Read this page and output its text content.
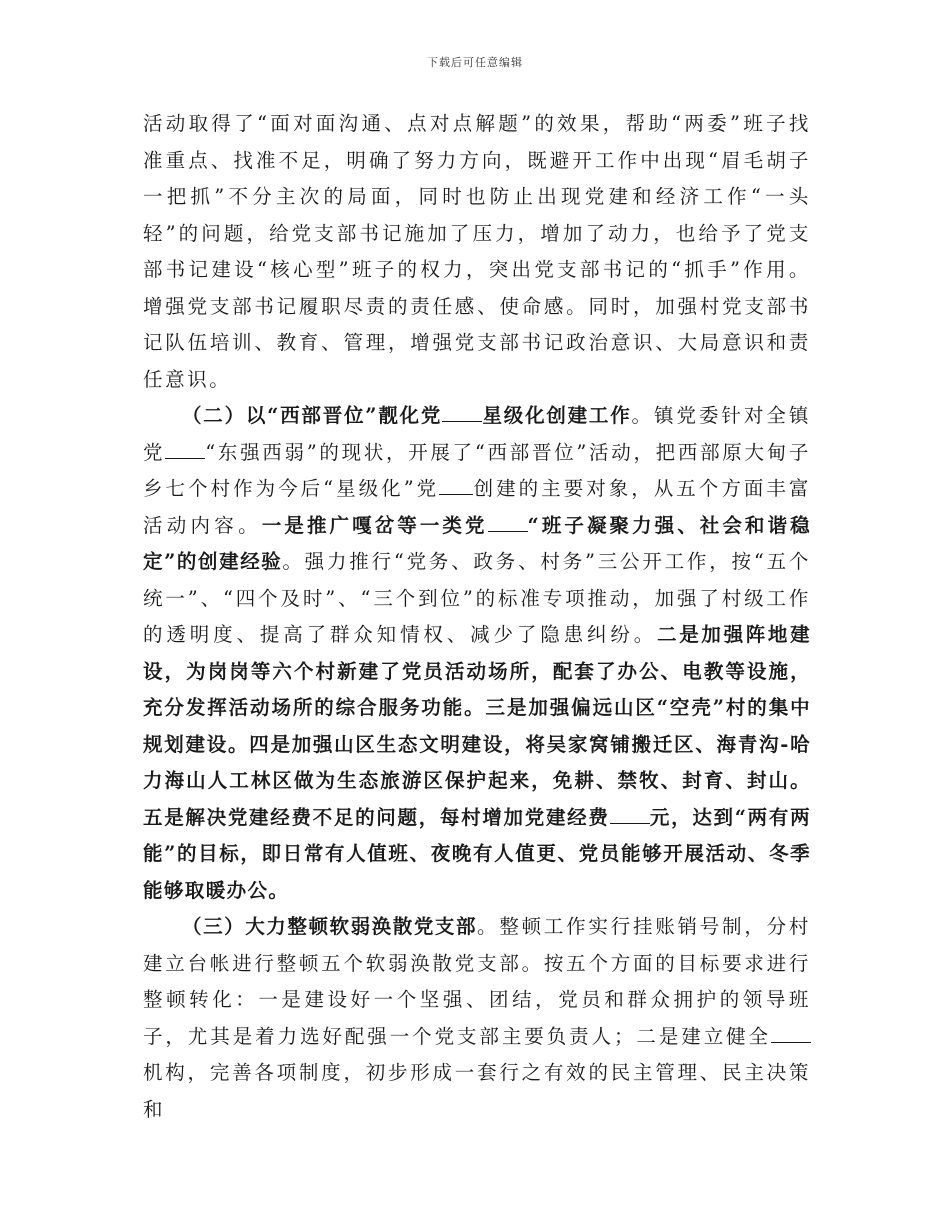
下载后可任意编辑

活动取得了“面对面沟通、点对点解题”的效果，帮助“两委”班子找准重点、找准不足，明确了努力方向，既避开工作中出现“眉毛胡子一把抓”不分主次的局面，同时也防止出现党建和经济工作“一头轻”的问题，给党支部书记施加了压力，增加了动力，也给予了党支部书记建设“核心型”班子的权力，突出党支部书记的“抓手”作用。增强党支部书记履职尽责的责任感、使命感。同时，加强村党支部书记队伍培训、教育、管理，增强党支部书记政治意识、大局意识和责任意识。

（二）以“西部晋位”靓化党 星级化创建工作。镇党委针对全镇党 “东强西弱”的现状，开展了“西部晋位”活动，把西部原大甸子乡七个村作为今后“星级化”党 创建的主要对象，从五个方面丰富活动内容。一是推广嘎岔等一类党 “班子凝聚力强、社会和谐稳定”的创建经验。强力推行“党务、政务、村务”三公开工作，按“五个统一”、“四个及时”、“三个到位”的标准专项推动，加强了村级工作的透明度、提高了群众知情权、减少了隐患纠纷。二是加强阵地建设，为岗岗等六个村新建了党员活动场所，配套了办公、电教等设施，充分发挥活动场所的综合服务功能。三是加强偏远山区“空壳”村的集中规划建设。四是加强山区生态文明建设，将吴家窝铺搬迁区、海青沟-哈力海山人工林区做为生态旅游区保护起来，免耕、禁牧、封育、封山。五是解决党建经费不足的问题，每村增加党建经费 元，达到“两有两能”的目标，即日常有人值班、夜晚有人值更、党员能够开展活动、冬季能够取暖办公。

（三）大力整顿软弱涣散党支部。整顿工作实行挂账销号制，分村建立台帐进行整顿五个软弱涣散党支部。按五个方面的目标要求进行整顿转化：一是建设好一个坚强、团结，党员和群众拥护的领导班子，尤其是着力选好配强一个党支部主要负责人；二是建立健全机构，完善各项制度，初步形成一套行之有效的民主管理、民主决策和
